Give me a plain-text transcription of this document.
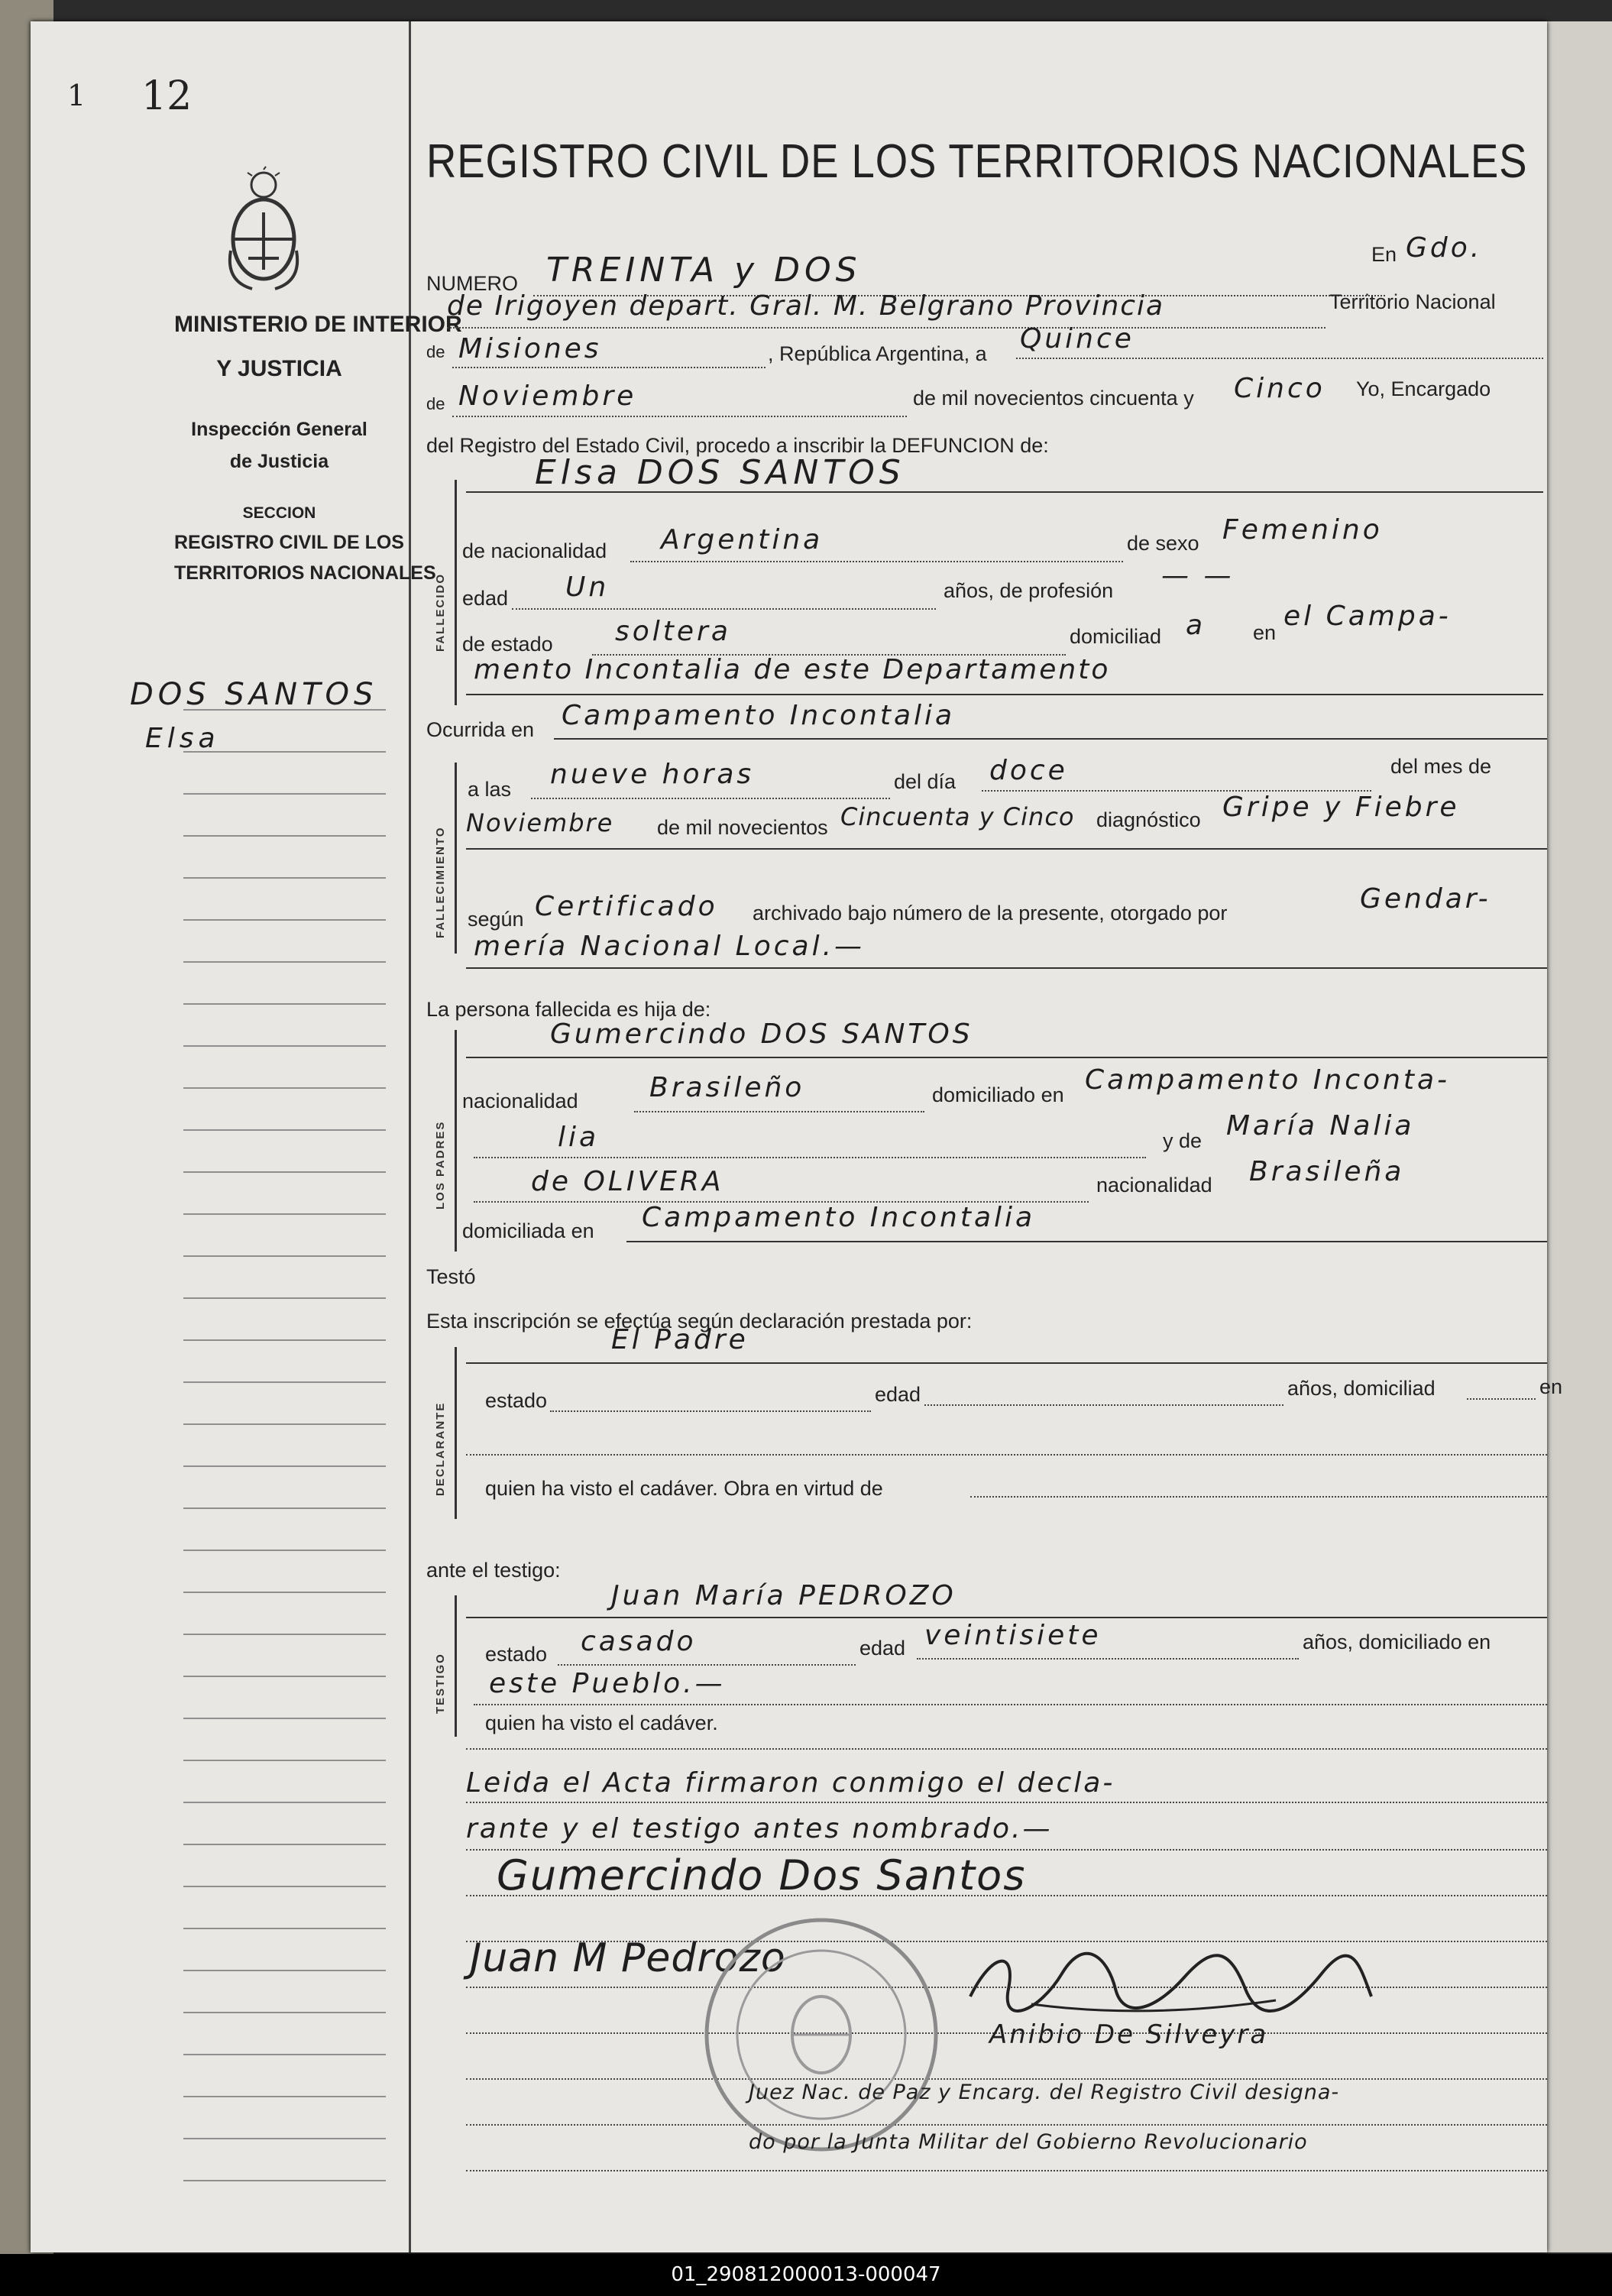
1 12
MINISTERIO DE INTERIOR
Y JUSTICIA
Inspección General
de Justicia
SECCION
REGISTRO CIVIL DE LOS
TERRITORIOS NACIONALES
DOS SANTOS
Elsa
REGISTRO CIVIL DE LOS TERRITORIOS NACIONALES
NUMERO TREINTA y DOS	En Gdo.
de Irigoyen depart. Gral. M. Belgrano Provincia	Territorio Nacional
de Misiones	, República Argentina, a Quince
de Noviembre	de mil novecientos cincuenta y Cinco Yo, Encargado
del Registro del Estado Civil, procedo a inscribir la DEFUNCION de:
FALLECIDO
Elsa DOS SANTOS
de nacionalidad Argentina	de sexo Femenino
edad Un	años, de profesión — —
de estado soltera	domiciliad a en
el Campa-
mento Incontalia de este Departamento
Ocurrida en Campamento Incontalia
FALLECIMIENTO
a las nueve horas	del día doce	del mes de
Noviembre de mil novecientos Cincuenta y Cinco diagnóstico Gripe y Fiebre
según Certificado archivado bajo número de la presente, otorgado por	Gendar-
mería Nacional Local.—
La persona fallecida es hija de:
LOS PADRES
Gumercindo DOS SANTOS
nacionalidad	Brasileño	domiciliado en Campamento Inconta-
lia	y de María Nalia
de OLIVERA	nacionalidad Brasileña
domiciliada en Campamento Incontalia
Testó
Esta inscripción se efectúa según declaración prestada por:
DECLARANTE
El Padre
estado	edad	años, domiciliad	en
quien ha visto el cadáver. Obra en virtud de
ante el testigo:
TESTIGO
Juan María PEDROZO
estado casado	edad veintisiete	años, domiciliado en
este Pueblo.—
quien ha visto el cadáver.
Leida el Acta firmaron conmigo el decla-
rante y el testigo antes nombrado.—
Gumercindo Dos Santos
Juan M Pedrozo
Anibio De Silveyra
Juez Nac. de Paz y Encarg. del Registro Civil designa-
do por la Junta Militar del Gobierno Revolucionario
01_290812000013-000047
